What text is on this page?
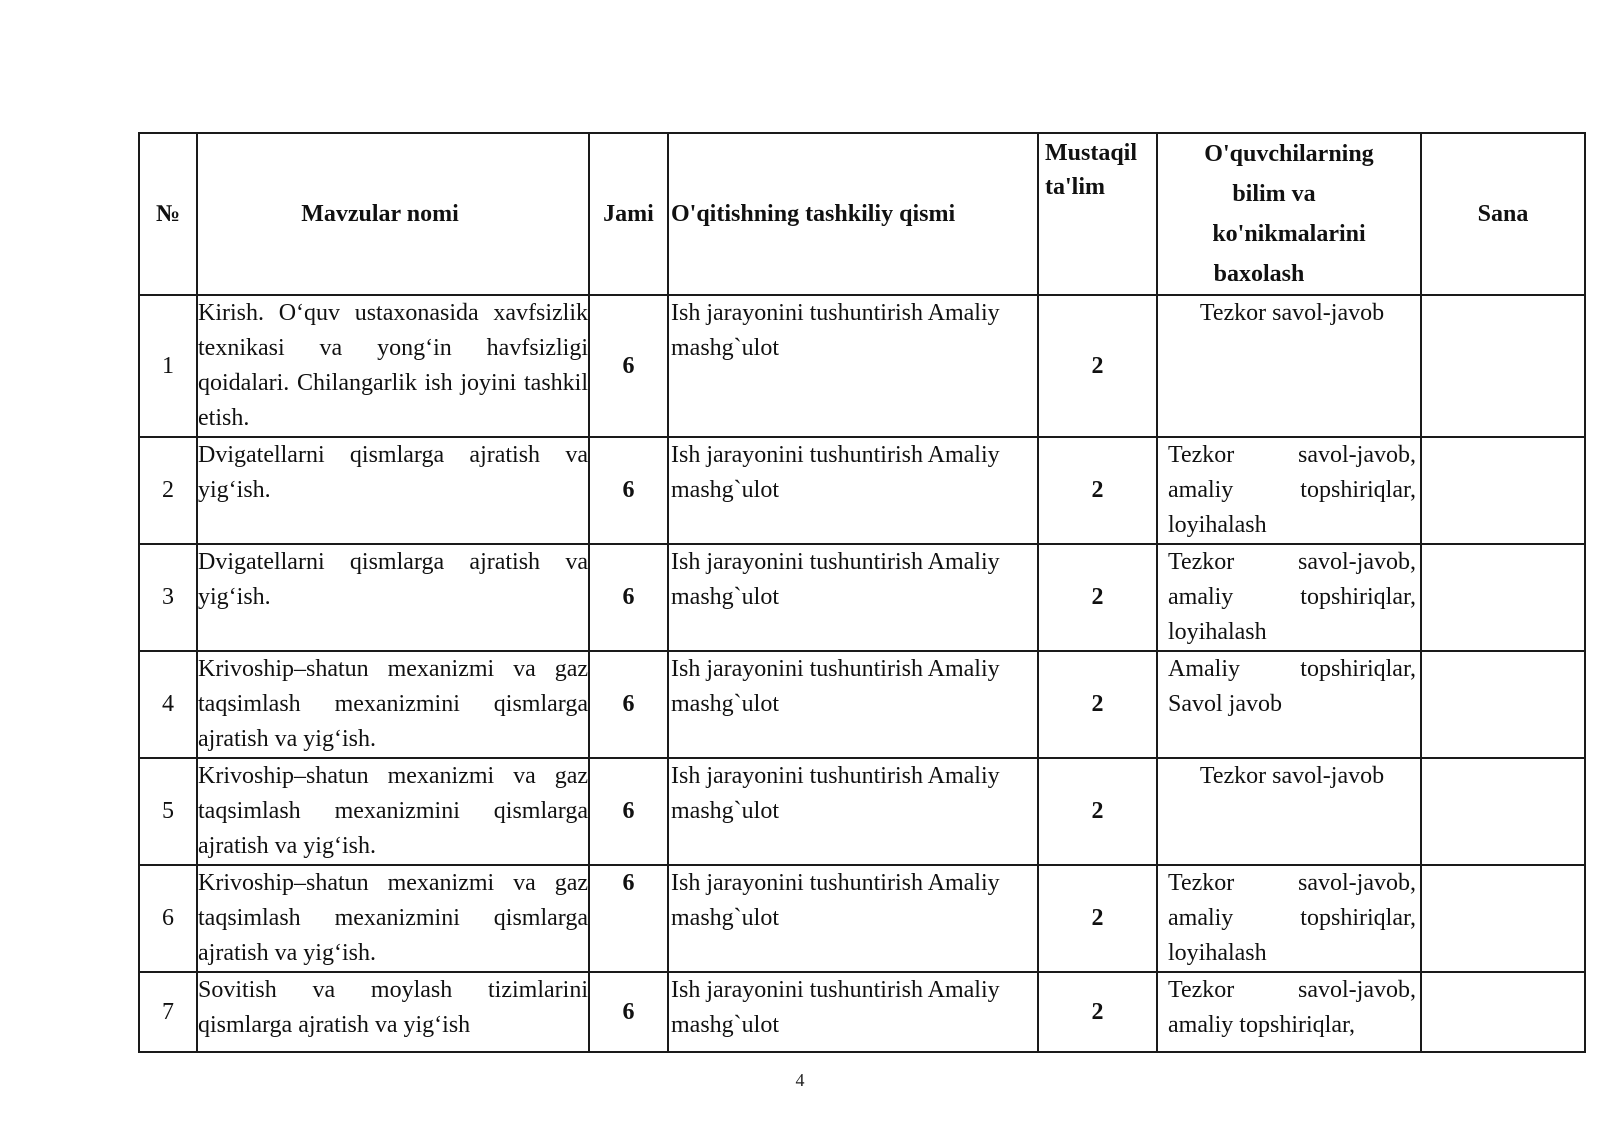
№	Mavzular nomi	Jami	O'qitishning tashkiliy qismi	Mustaqil ta'lim	O'quvchilarning
bilim va
ko'nikmalarini
baxolash	Sana
1	Kirish. O‘quv ustaxonasida xavfsizlik texnikasi va yong‘in havfsizligi qoidalari. Chilangarlik ish joyini tashkil etish.	6	Ish jarayonini tushuntirish Amaliy mashg`ulot	2	Tezkor savol-javob	
2	Dvigatellarni qismlarga ajratish va yig‘ish.	6	Ish jarayonini tushuntirish Amaliy mashg`ulot	2	Tezkor savol-javob, amaliy topshiriqlar, loyihalash	
3	Dvigatellarni qismlarga ajratish va yig‘ish.	6	Ish jarayonini tushuntirish Amaliy mashg`ulot	2	Tezkor savol-javob, amaliy topshiriqlar, loyihalash	
4	Krivoship–shatun mexanizmi va gaz taqsimlash mexanizmini qismlarga ajratish va yig‘ish.	6	Ish jarayonini tushuntirish Amaliy mashg`ulot	2	Amaliy topshiriqlar, Savol javob	
5	Krivoship–shatun mexanizmi va gaz taqsimlash mexanizmini qismlarga ajratish va yig‘ish.	6	Ish jarayonini tushuntirish Amaliy mashg`ulot	2	Tezkor savol-javob	
6	Krivoship–shatun mexanizmi va gaz taqsimlash mexanizmini qismlarga ajratish va yig‘ish.	6	Ish jarayonini tushuntirish Amaliy mashg`ulot	2	Tezkor savol-javob, amaliy topshiriqlar, loyihalash	
7	Sovitish va moylash tizimlarini qismlarga ajratish va yig‘ish	6	Ish jarayonini tushuntirish Amaliy mashg`ulot	2	Tezkor savol-javob, amaliy topshiriqlar,	
4
